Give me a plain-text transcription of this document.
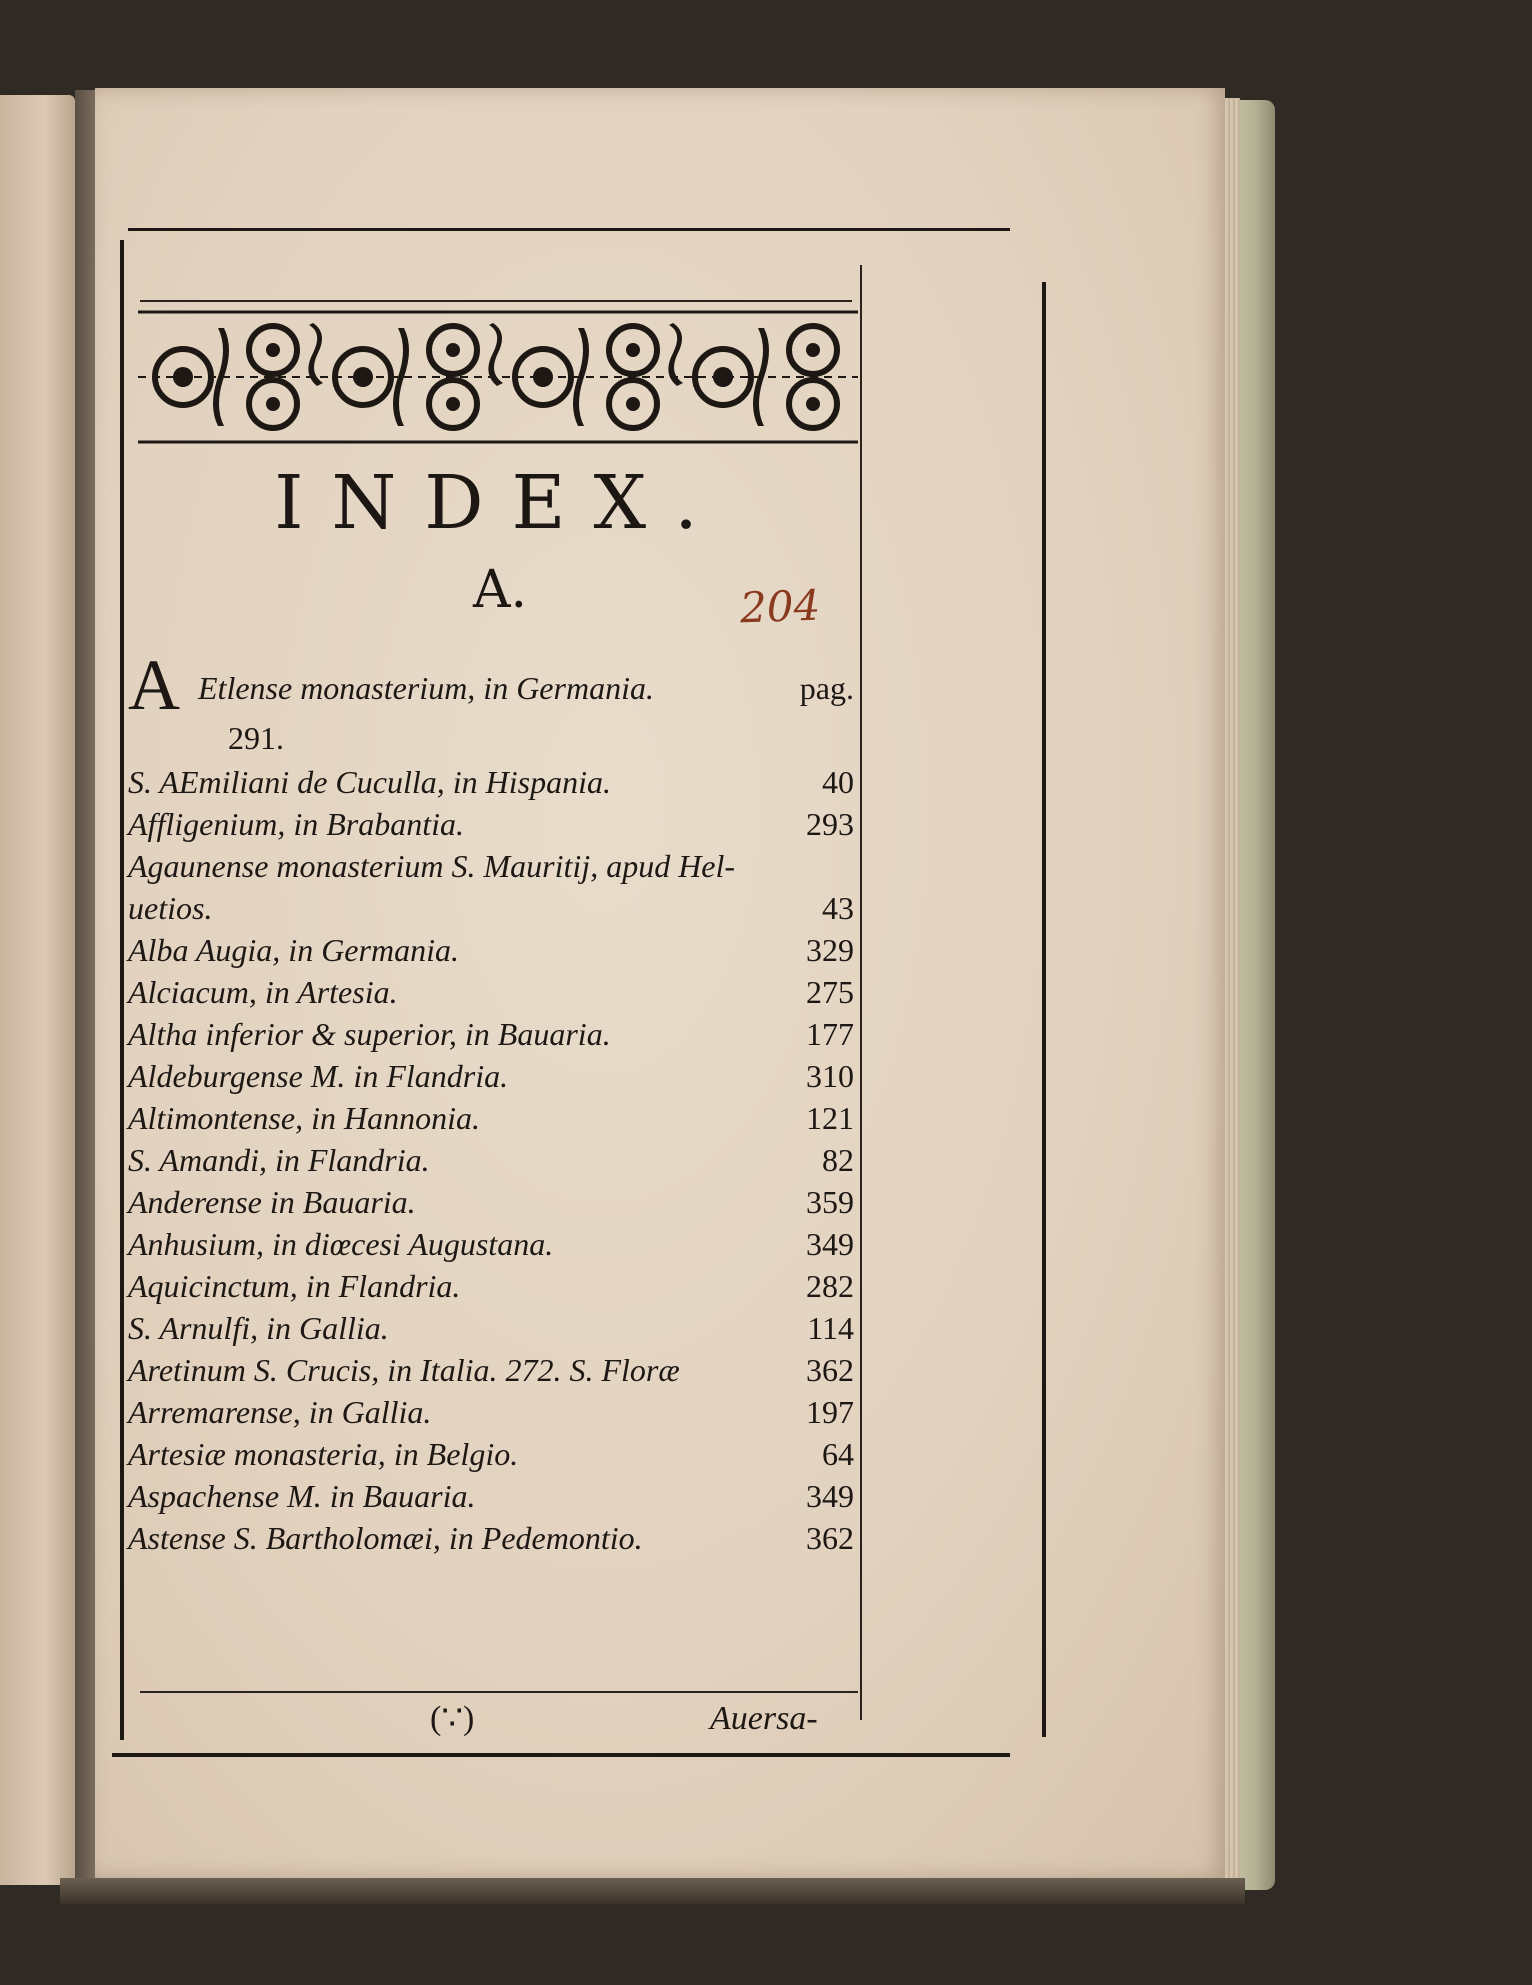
INDEX.
A.	204
A Etlense monasterium, in Germania.	pag.
291.
S. AEmiliani de Cuculla, in Hispania.	40
Affligenium, in Brabantia.	293
Agaunense monasterium S. Mauritij, apud Hel-
uetios.	43
Alba Augia, in Germania.	329
Alciacum, in Artesia.	275
Altha inferior & superior, in Bauaria.	177
Aldeburgense M. in Flandria.	310
Altimontense, in Hannonia.	121
S. Amandi, in Flandria.	82
Anderense in Bauaria.	359
Anhusium, in diœcesi Augustana.	349
Aquicinctum, in Flandria.	282
S. Arnulfi, in Gallia.	114
Aretinum S. Crucis, in Italia. 272. S. Floræ	362
Arremarense, in Gallia.	197
Artesiæ monasteria, in Belgio.	64
Aspachense M. in Bauaria.	349
Astense S. Bartholomæi, in Pedemontio.	362
(∵)	Auersa-
